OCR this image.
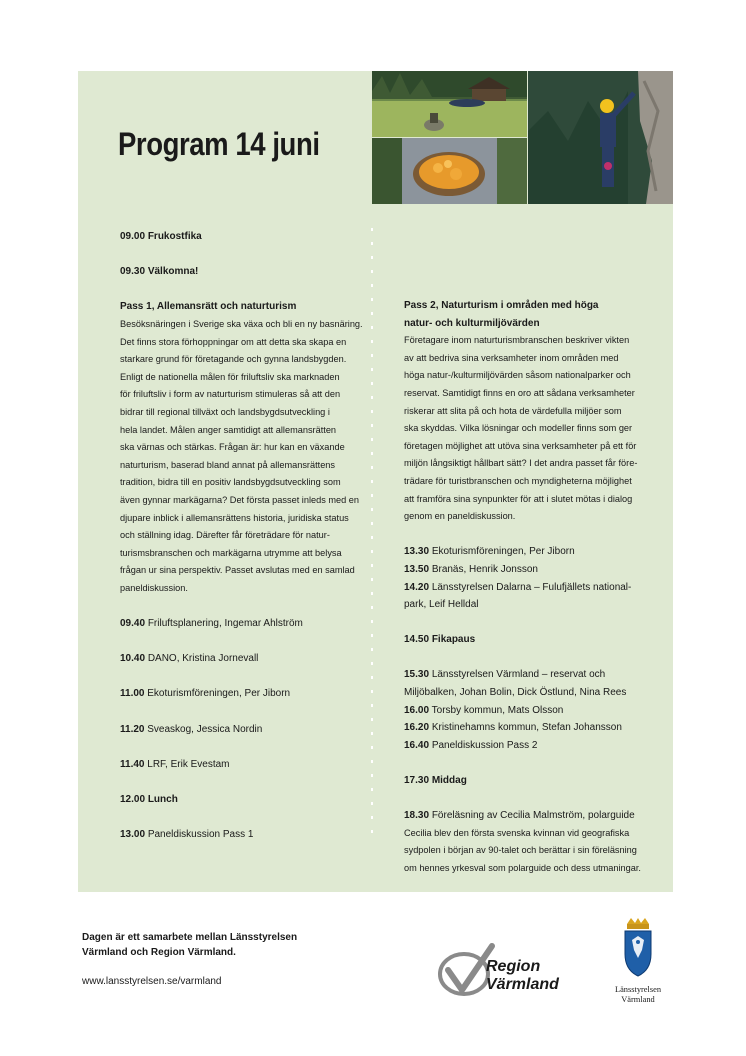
Program 14 juni

09.00 Frukostfika

09.30 Välkomna!

Pass 1, Allemansrätt och naturturism

Besöksnäringen i Sverige ska växa och bli en ny basnäring.

Det finns stora förhoppningar om att detta ska skapa en

starkare grund för företagande och gynna landsbygden.

Enligt de nationella målen för friluftsliv ska marknaden

för friluftsliv i form av naturturism stimuleras så att den

bidrar till regional tillväxt och landsbygdsutveckling i

hela landet. Målen anger samtidigt att allemansrätten

ska värnas och stärkas. Frågan är: hur kan en växande

naturturism, baserad bland annat på allemansrättens

tradition, bidra till en positiv landsbygdsutveckling som

även gynnar markägarna? Det första passet inleds med en

djupare inblick i allemansrättens historia, juridiska status

och ställning idag. Därefter får företrädare för natur-

turismsbranschen och markägarna utrymme att belysa

frågan ur sina perspektiv. Passet avslutas med en samlad

paneldiskussion.

09.40 Friluftsplanering, Ingemar Ahlström

10.40 DANO, Kristina Jornevall

11.00 Ekoturismföreningen, Per Jiborn

11.20 Sveaskog, Jessica Nordin

11.40 LRF, Erik Evestam

12.00 Lunch

13.00 Paneldiskussion Pass 1

Pass 2, Naturturism i områden med höga

natur- och kulturmiljövärden

Företagare inom naturturismbranschen beskriver vikten

av att bedriva sina verksamheter inom områden med

höga natur-/kulturmiljövärden såsom nationalparker och

reservat. Samtidigt finns en oro att sådana verksamheter

riskerar att slita på och hota de värdefulla miljöer som

ska skyddas. Vilka lösningar och modeller finns som ger

företagen möjlighet att utöva sina verksamheter på ett för

miljön långsiktigt hållbart sätt? I det andra passet får före-

trädare för turistbranschen och myndigheterna möjlighet

att framföra sina synpunkter för att i slutet mötas i dialog

genom en paneldiskussion.

13.30 Ekoturismföreningen, Per Jiborn

13.50 Branäs, Henrik Jonsson

14.20 Länsstyrelsen Dalarna – Fulufjällets national-

park, Leif Helldal

14.50 Fikapaus

15.30 Länsstyrelsen Värmland – reservat och

Miljöbalken, Johan Bolin, Dick Östlund, Nina Rees

16.00 Torsby kommun, Mats Olsson

16.20 Kristinehamns kommun, Stefan Johansson

16.40 Paneldiskussion Pass 2

17.30 Middag

18.30 Föreläsning av Cecilia Malmström, polarguide

Cecilia blev den första svenska kvinnan vid geografiska

sydpolen i början av 90-talet och berättar i sin föreläsning

om hennes yrkesval som polarguide och dess utmaningar.

Dagen är ett samarbete mellan Länsstyrelsen
Värmland och Region Värmland.
www.lansstyrelsen.se/varmland
Region
Värmland	Länsstyrelsen
Värmland
